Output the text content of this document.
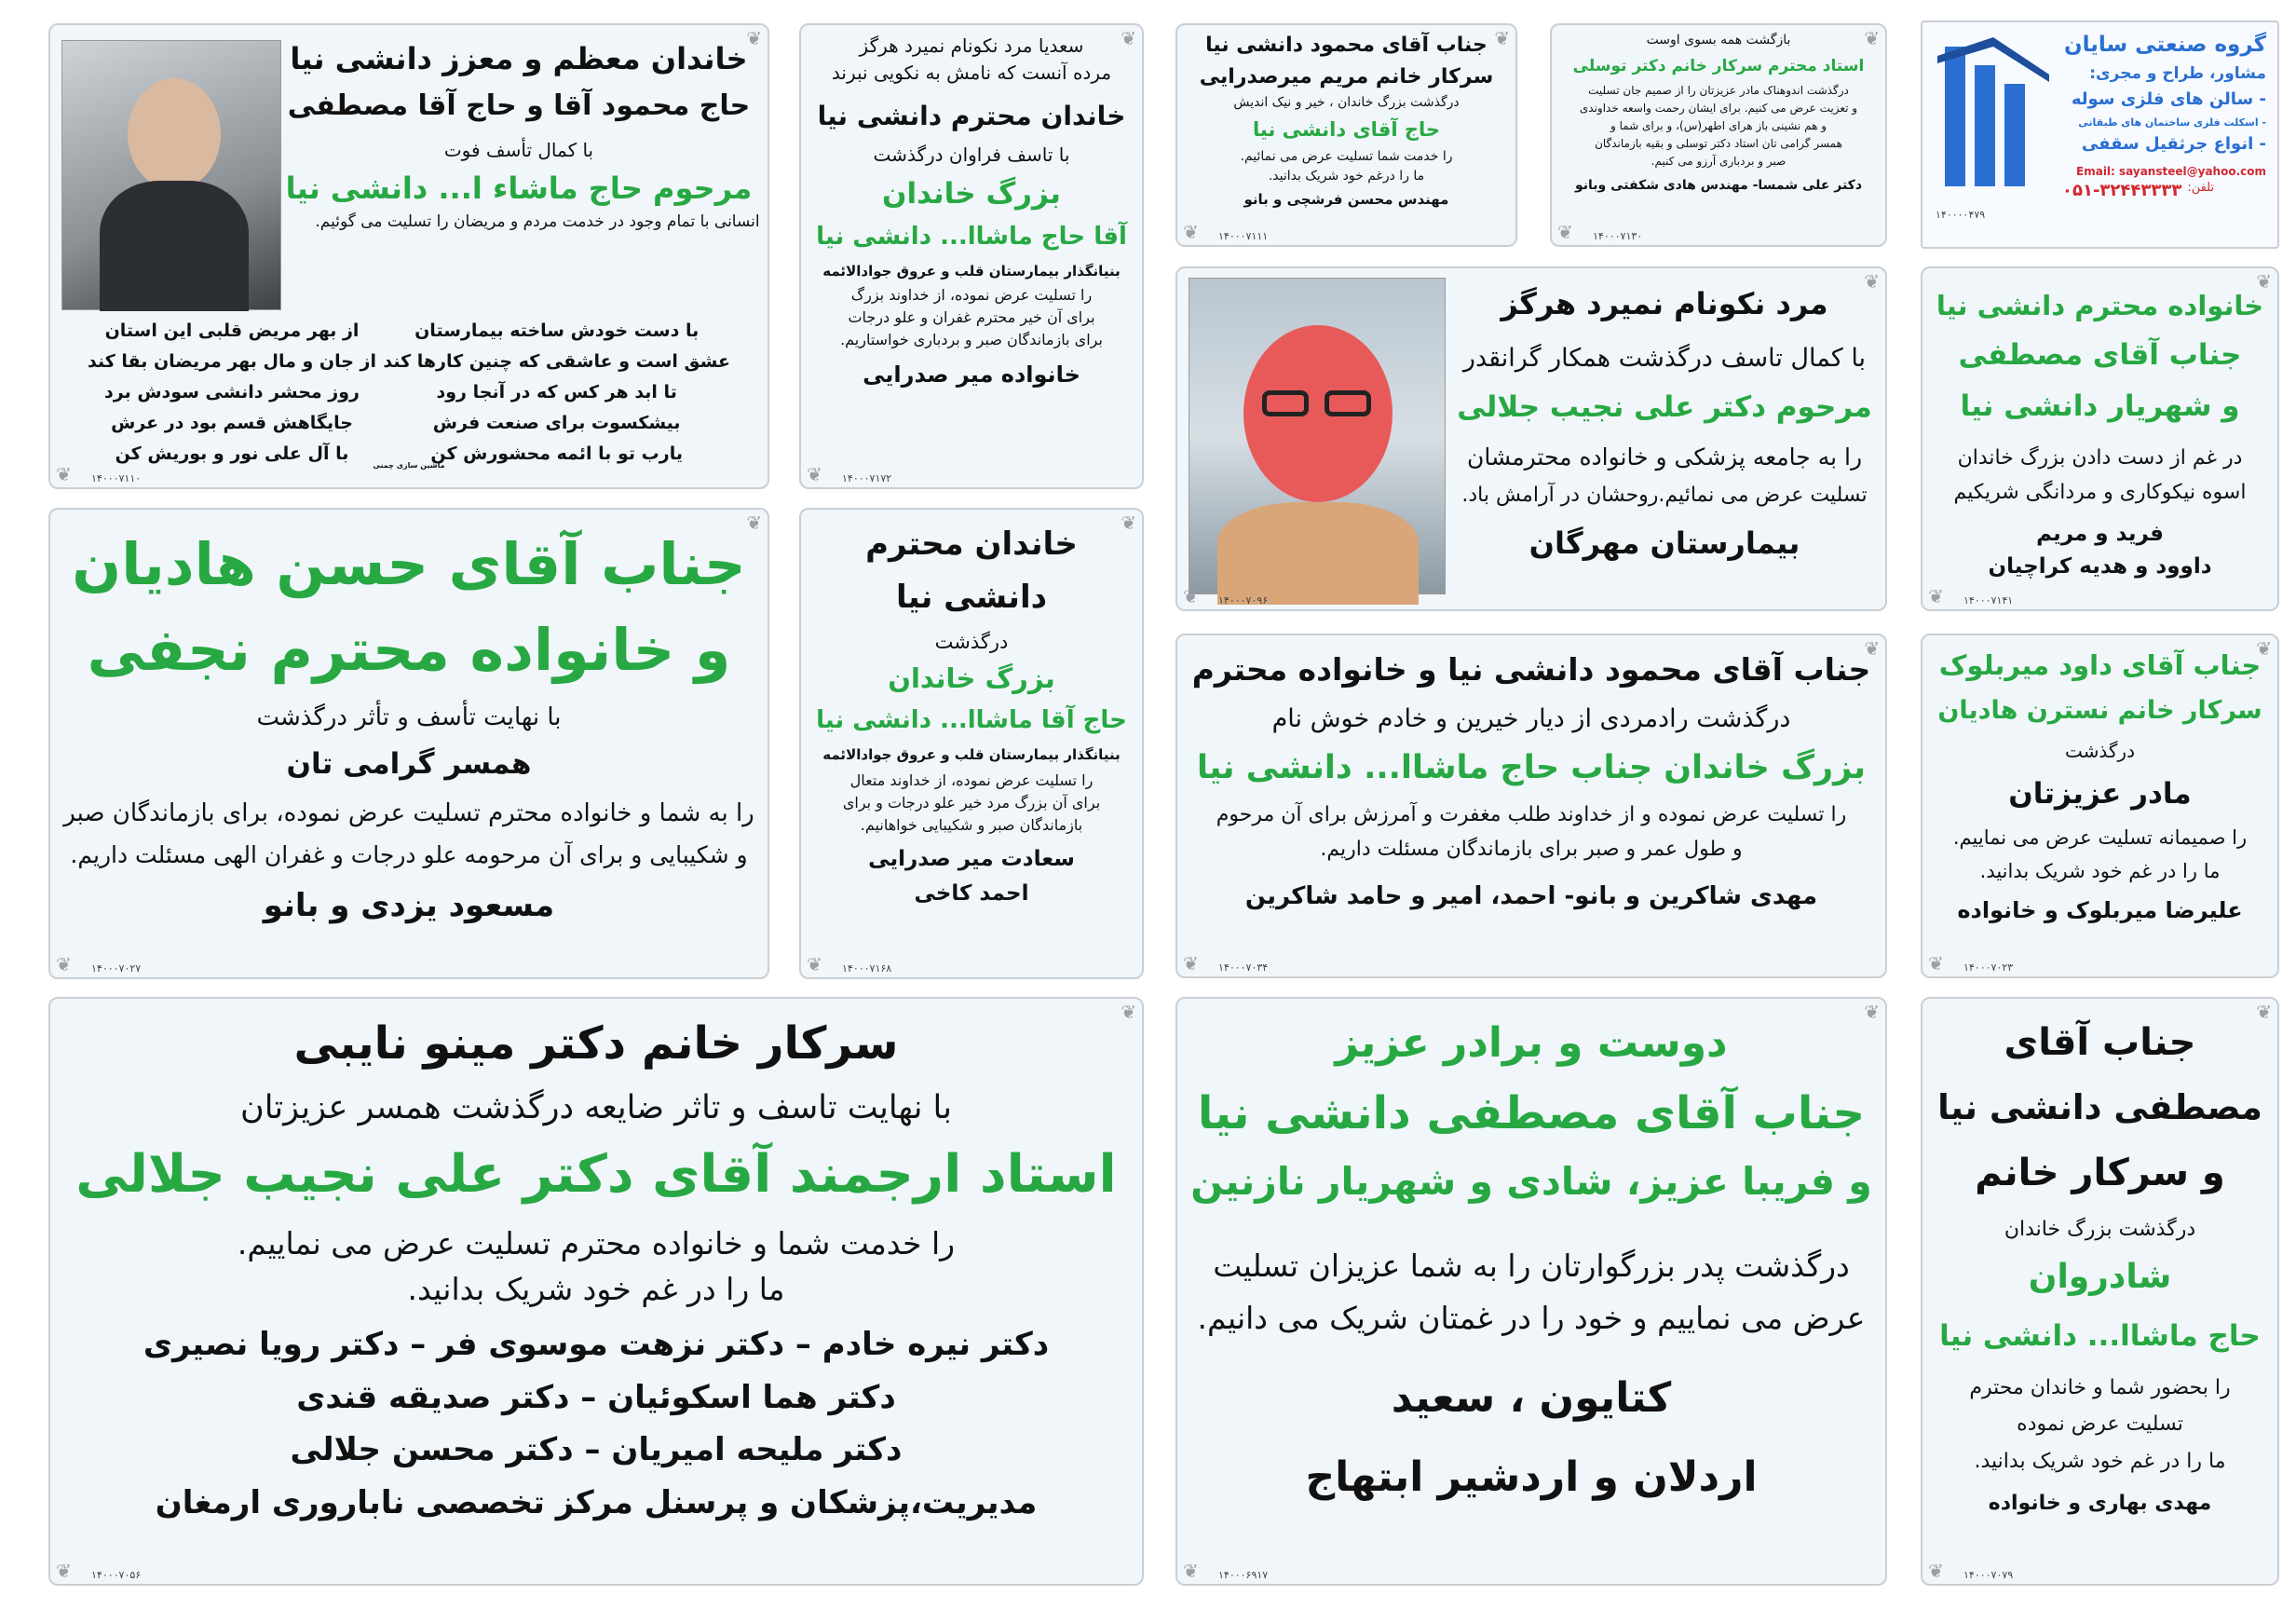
❦
خاندان معظم و معزز دانشی نیا
حاج محمود آقا و حاج آقا مصطفی
با کمال تأسف فوت
مرحوم حاج ماشاء ا... دانشی نیا
انسانی با تمام وجود در خدمت مردم و مریضان را تسلیت می گوئیم.
با دست خودش ساخته بیمارستان
عشق است و عاشقی که چنین کارها کند
تا ابد هر کس که در آنجا رود
بیشکسوت برای صنعت فرش
یارب تو با ائمه محشورش کن
از بهر مریض قلبی این استان
از جان و مال بهر مریضان بقا کند
روز محشر دانشی سودش برد
جایگاهش قسم بود در عرش
با آل علی نور و بوریش کن
ماشین سازی چمنی
۱۴۰۰۰۷۱۱۰
❦
❦
سعدیا مرد نکونام نمیرد هرگز
مرده آنست که نامش به نکویی نبرند
خاندان محترم دانشی نیا
با تاسف فراوان درگذشت
بزرگ خاندان
آقا حاج ماشاا... دانشی نیا
بنیانگذار بیمارستان قلب و عروق جوادالائمه
را تسلیت عرض نموده، از خداوند بزرگ
برای آن خیر محترم غفران و علو درجات
برای بازماندگان صبر و بردباری خواستاریم.
خانواده میر صدرایی
۱۴۰۰۰۷۱۷۲
❦
❦
جناب آقای محمود دانشی نیا
سرکار خانم مریم میرصدرایی
درگذشت بزرگ خاندان ، خیر و نیک اندیش
حاج آقای دانشی نیا
را خدمت شما تسلیت عرض می نمائیم.
ما را درغم خود شریک بدانید.
مهندس محسن فرشچی و بانو
۱۴۰۰۰۷۱۱۱
❦
❦
بازگشت همه بسوی اوست
استاد محترم سرکار خانم دکتر توسلی
درگذشت اندوهناک مادر عزیزتان را از صمیم جان تسلیت
و تعزیت عرض می کنیم. برای ایشان رحمت واسعه خداوندی
و هم نشینی باز هرای اطهر(س)، و برای شما و
همسر گرامی تان استاد دکتر توسلی و بقیه بازماندگان
صبر و بردباری آرزو می کنیم.
دکتر علی شمسا- مهندس هادی شکفتی وبانو
۱۴۰۰۰۷۱۳۰
❦
گروه صنعتی سایان
مشاور، طراح و مجری:
- سالن های فلزی سوله
- اسکلت فلزی ساختمان های طبقاتی
- انواع جرثقیل سقفی
Email: sayansteel@yahoo.com
تلفن:
۰۵۱-۳۲۴۴۳۳۳۳
۱۴۰۰۰۰۴۷۹
❦
مرد نکونام نمیرد هرگز
با کمال تاسف درگذشت همکار گرانقدر
مرحوم دکتر علی نجیب جلالی
را به جامعه پزشکی و خانواده محترمشان
تسلیت عرض می نمائیم.روحشان در آرامش باد.
بیمارستان مهرگان
۱۴۰۰۰۷۰۹۶
❦
❦
خانواده محترم دانشی نیا
جناب آقای مصطفی
و شهریار دانشی نیا
در غم از دست دادن بزرگ خاندان
اسوه نیکوکاری و مردانگی شریکیم
فرید و مریم
داوود و هدیه کراچیان
۱۴۰۰۰۷۱۴۱
❦
❦
جناب آقای حسن هادیان
و خانواده محترم نجفی
با نهایت تأسف و تأثر درگذشت
همسر گرامی تان
را به شما و خانواده محترم تسلیت عرض نموده، برای بازماندگان صبر
و شکیبایی و برای آن مرحومه علو درجات و غفران الهی مسئلت داریم.
مسعود یزدی و بانو
۱۴۰۰۰۷۰۲۷
❦
❦
خاندان محترم
دانشی نیا
درگذشت
بزرگ خاندان
حاج آقا ماشاا... دانشی نیا
بنیانگذار بیمارستان قلب و عروق جوادالائمه
را تسلیت عرض نموده، از خداوند متعال
برای آن بزرگ مرد خیر علو درجات و برای
بازماندگان صبر و شکیبایی خواهانیم.
سعادت میر صدرایی
احمد کاخی
۱۴۰۰۰۷۱۶۸
❦
❦
جناب آقای محمود دانشی نیا و خانواده محترم
درگذشت رادمردی از دیار خیرین و خادم خوش نام
بزرگ خاندان جناب حاج ماشاا... دانشی نیا
را تسلیت عرض نموده و از خداوند طلب مغفرت و آمرزش برای آن مرحوم
و طول عمر و صبر برای بازماندگان مسئلت داریم.
مهدی شاکرین و بانو- احمد، امیر و حامد شاکرین
۱۴۰۰۰۷۰۳۴
❦
❦
جناب آقای داود میربلوک
سرکار خانم نسترن هادیان
درگذشت
مادر عزیزتان
را صمیمانه تسلیت عرض می نماییم.
ما را در غم خود شریک بدانید.
علیرضا میربلوک و خانواده
۱۴۰۰۰۷۰۲۳
❦
❦
سرکار خانم دکتر مینو نایبی
با نهایت تاسف و تاثر ضایعه درگذشت همسر عزیزتان
استاد ارجمند آقای دکتر علی نجیب جلالی
را خدمت شما و خانواده محترم تسلیت عرض می نماییم.
ما را در غم خود شریک بدانید.
دکتر نیره خادم – دکتر نزهت موسوی فر – دکتر رویا نصیری
دکتر هما اسکوئیان – دکتر صدیقه قندی
دکتر ملیحه امیریان – دکتر محسن جلالی
مدیریت،پزشکان و پرسنل مرکز تخصصی ناباروری ارمغان
۱۴۰۰۰۷۰۵۶
❦
❦
دوست و برادر عزیز
جناب آقای مصطفی دانشی نیا
و فریبا عزیز، شادی و شهریار نازنین
درگذشت پدر بزرگوارتان را به شما عزیزان تسلیت
عرض می نماییم و خود را در غمتان شریک می دانیم.
کتایون ، سعید
اردلان و اردشیر ابتهاج
۱۴۰۰۰۶۹۱۷
❦
❦
جناب آقای
مصطفی دانشی نیا
و سرکار خانم
درگذشت بزرگ خاندان
شادروان
حاج ماشاا... دانشی نیا
را بحضور شما و خاندان محترم
تسلیت عرض نموده
ما را در غم خود شریک بدانید.
مهدی بهاری و خانواده
۱۴۰۰۰۷۰۷۹
❦
